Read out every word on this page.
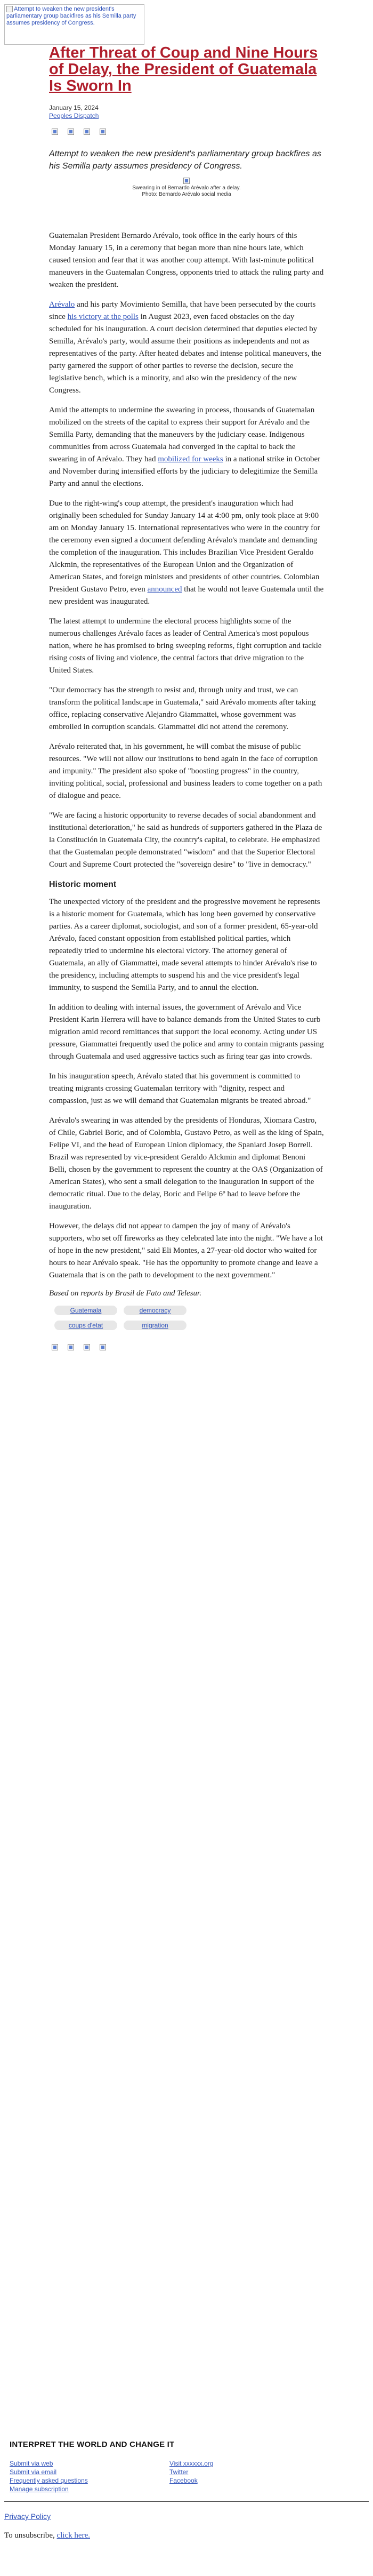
Attempt to weaken the new president's parliamentary group backfires as his Semilla party assumes presidency of Congress.
After Threat of Coup and Nine Hours of Delay, the President of Guatemala Is Sworn In
January 15, 2024
Peoples Dispatch

Attempt to weaken the new president's parliamentary group backfires as his Semilla party assumes presidency of Congress.

Swearing in of Bernardo Arévalo after a delay.
Photo: Bernardo Arévalo social media

Guatemalan President Bernardo Arévalo, took office in the early hours of this Monday January 15, in a ceremony that began more than nine hours late, which caused tension and fear that it was another coup attempt. With last-minute political maneuvers in the Guatemalan Congress, opponents tried to attack the ruling party and weaken the president.

Arévalo and his party Movimiento Semilla, that have been persecuted by the courts since his victory at the polls in August 2023, even faced obstacles on the day scheduled for his inauguration. A court decision determined that deputies elected by Semilla, Arévalo's party, would assume their positions as independents and not as representatives of the party. After heated debates and intense political maneuvers, the party garnered the support of other parties to reverse the decision, secure the legislative bench, which is a minority, and also win the presidency of the new Congress.

Amid the attempts to undermine the swearing in process, thousands of Guatemalan mobilized on the streets of the capital to express their support for Arévalo and the Semilla Party, demanding that the maneuvers by the judiciary cease. Indigenous communities from across Guatemala had converged in the capital to back the swearing in of Arévalo. They had mobilized for weeks in a national strike in October and November during intensified efforts by the judiciary to delegitimize the Semilla Party and annul the elections.

Due to the right-wing's coup attempt, the president's inauguration which had originally been scheduled for Sunday January 14 at 4:00 pm, only took place at 9:00 am on Monday January 15. International representatives who were in the country for the ceremony even signed a document defending Arévalo's mandate and demanding the completion of the inauguration. This includes Brazilian Vice President Geraldo Alckmin, the representatives of the European Union and the Organization of American States, and foreign ministers and presidents of other countries. Colombian President Gustavo Petro, even announced that he would not leave Guatemala until the new president was inaugurated.

The latest attempt to undermine the electoral process highlights some of the numerous challenges Arévalo faces as leader of Central America's most populous nation, where he has promised to bring sweeping reforms, fight corruption and tackle rising costs of living and violence, the central factors that drive migration to the United States.

"Our democracy has the strength to resist and, through unity and trust, we can transform the political landscape in Guatemala," said Arévalo moments after taking office, replacing conservative Alejandro Giammattei, whose government was embroiled in corruption scandals. Giammattei did not attend the ceremony.

Arévalo reiterated that, in his government, he will combat the misuse of public resources. "We will not allow our institutions to bend again in the face of corruption and impunity." The president also spoke of "boosting progress" in the country, inviting political, social, professional and business leaders to come together on a path of dialogue and peace.

"We are facing a historic opportunity to reverse decades of social abandonment and institutional deterioration," he said as hundreds of supporters gathered in the Plaza de la Constitución in Guatemala City, the country's capital, to celebrate. He emphasized that the Guatemalan people demonstrated "wisdom" and that the Superior Electoral Court and Supreme Court protected the "sovereign desire" to "live in democracy."

Historic moment

The unexpected victory of the president and the progressive movement he represents is a historic moment for Guatemala, which has long been governed by conservative parties. As a career diplomat, sociologist, and son of a former president, 65-year-old Arévalo, faced constant opposition from established political parties, which repeatedly tried to undermine his electoral victory. The attorney general of Guatemala, an ally of Giammattei, made several attempts to hinder Arévalo's rise to the presidency, including attempts to suspend his and the vice president's legal immunity, to suspend the Semilla Party, and to annul the election.

In addition to dealing with internal issues, the government of Arévalo and Vice President Karin Herrera will have to balance demands from the United States to curb migration amid record remittances that support the local economy. Acting under US pressure, Giammattei frequently used the police and army to contain migrants passing through Guatemala and used aggressive tactics such as firing tear gas into crowds.

In his inauguration speech, Arévalo stated that his government is committed to treating migrants crossing Guatemalan territory with "dignity, respect and compassion, just as we will demand that Guatemalan migrants be treated abroad."

Arévalo's swearing in was attended by the presidents of Honduras, Xiomara Castro, of Chile, Gabriel Boric, and of Colombia, Gustavo Petro, as well as the king of Spain, Felipe VI, and the head of European Union diplomacy, the Spaniard Josep Borrell. Brazil was represented by vice-president Geraldo Alckmin and diplomat Benoni Belli, chosen by the government to represent the country at the OAS (Organization of American States), who sent a small delegation to the inauguration in support of the democratic ritual. Due to the delay, Boric and Felipe 6º had to leave before the inauguration.

However, the delays did not appear to dampen the joy of many of Arévalo's supporters, who set off fireworks as they celebrated late into the night. "We have a lot of hope in the new president," said Eli Montes, a 27-year-old doctor who waited for hours to hear Arévalo speak. "He has the opportunity to promote change and leave a Guatemala that is on the path to development to the next government."

Based on reports by Brasil de Fato and Telesur.
Guatemala	democracy
coups d'etat	migration
INTERPRET THE WORLD AND CHANGE IT
Submit via web	Visit xxxxxx.org
Submit via email	Twitter
Frequently asked questions	Facebook
Manage subscription
Privacy Policy
To unsubscribe, click here.
